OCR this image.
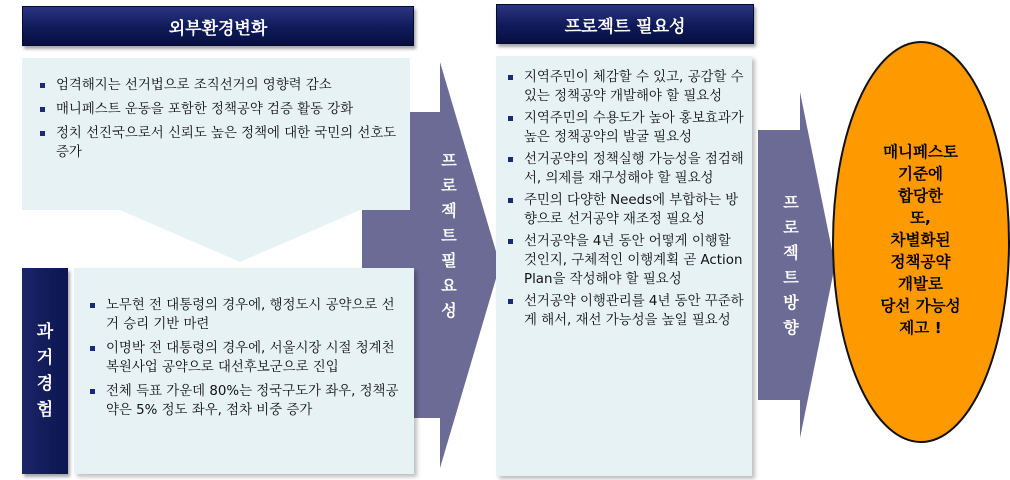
외부환경변화
엄격해지는 선거법으로 조직선거의 영향력 감소
매니페스트 운동을 포함한 정책공약 검증 활동 강화
정치 선진국으로서 신뢰도 높은 정책에 대한 국민의 선호도 증가
과
거
경
험
노무현 전 대통령의 경우에, 행정도시 공약으로 선거 승리 기반 마련
이명박 전 대통령의 경우에, 서울시장 시절 청계천 복원사업 공약으로 대선후보군으로 진입
전체 득표 가운데 80%는 정국구도가 좌우, 정책공약은 5% 정도 좌우, 점차 비중 증가
프
로
젝
트
필
요
성
프로젝트 필요성
지역주민이 체감할 수 있고, 공감할 수 있는 정책공약 개발해야 할 필요성
지역주민의 수용도가 높아 홍보효과가 높은 정책공약의 발굴 필요성
선거공약의 정책실행 가능성을 점검해서, 의제를 재구성해야 할 필요성
주민의 다양한 Needs에 부합하는 방향으로 선거공약 재조정 필요성
선거공약을 4년 동안 어떻게 이행할 것인지, 구체적인 이행계획 곧 Action Plan을 작성해야 할 필요성
선거공약 이행관리를 4년 동안 꾸준하게 해서, 재선 가능성을 높일 필요성
프
로
젝
트
방
향
매니페스토
기준에
합당한
또,
차별화된
정책공약
개발로
당선 가능성
제고 !
